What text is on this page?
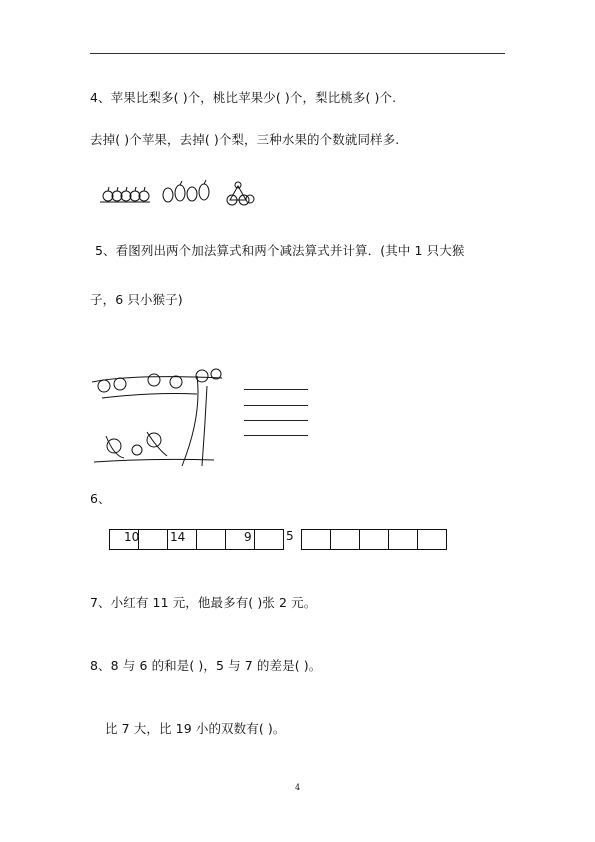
4、苹果比梨多( )个，桃比苹果少( )个，梨比桃多( )个.
去掉( )个苹果，去掉( )个梨，三种水果的个数就同样多.
5、看图列出两个加法算式和两个减法算式并计算．(其中 1 只大猴
子，6 只小猴子)
6、
10	14	9	5
7、小红有 11 元，他最多有( )张 2 元。
8、8 与 6 的和是( )，5 与 7 的差是( )。
比 7 大，比 19 小的双数有( )。
4
